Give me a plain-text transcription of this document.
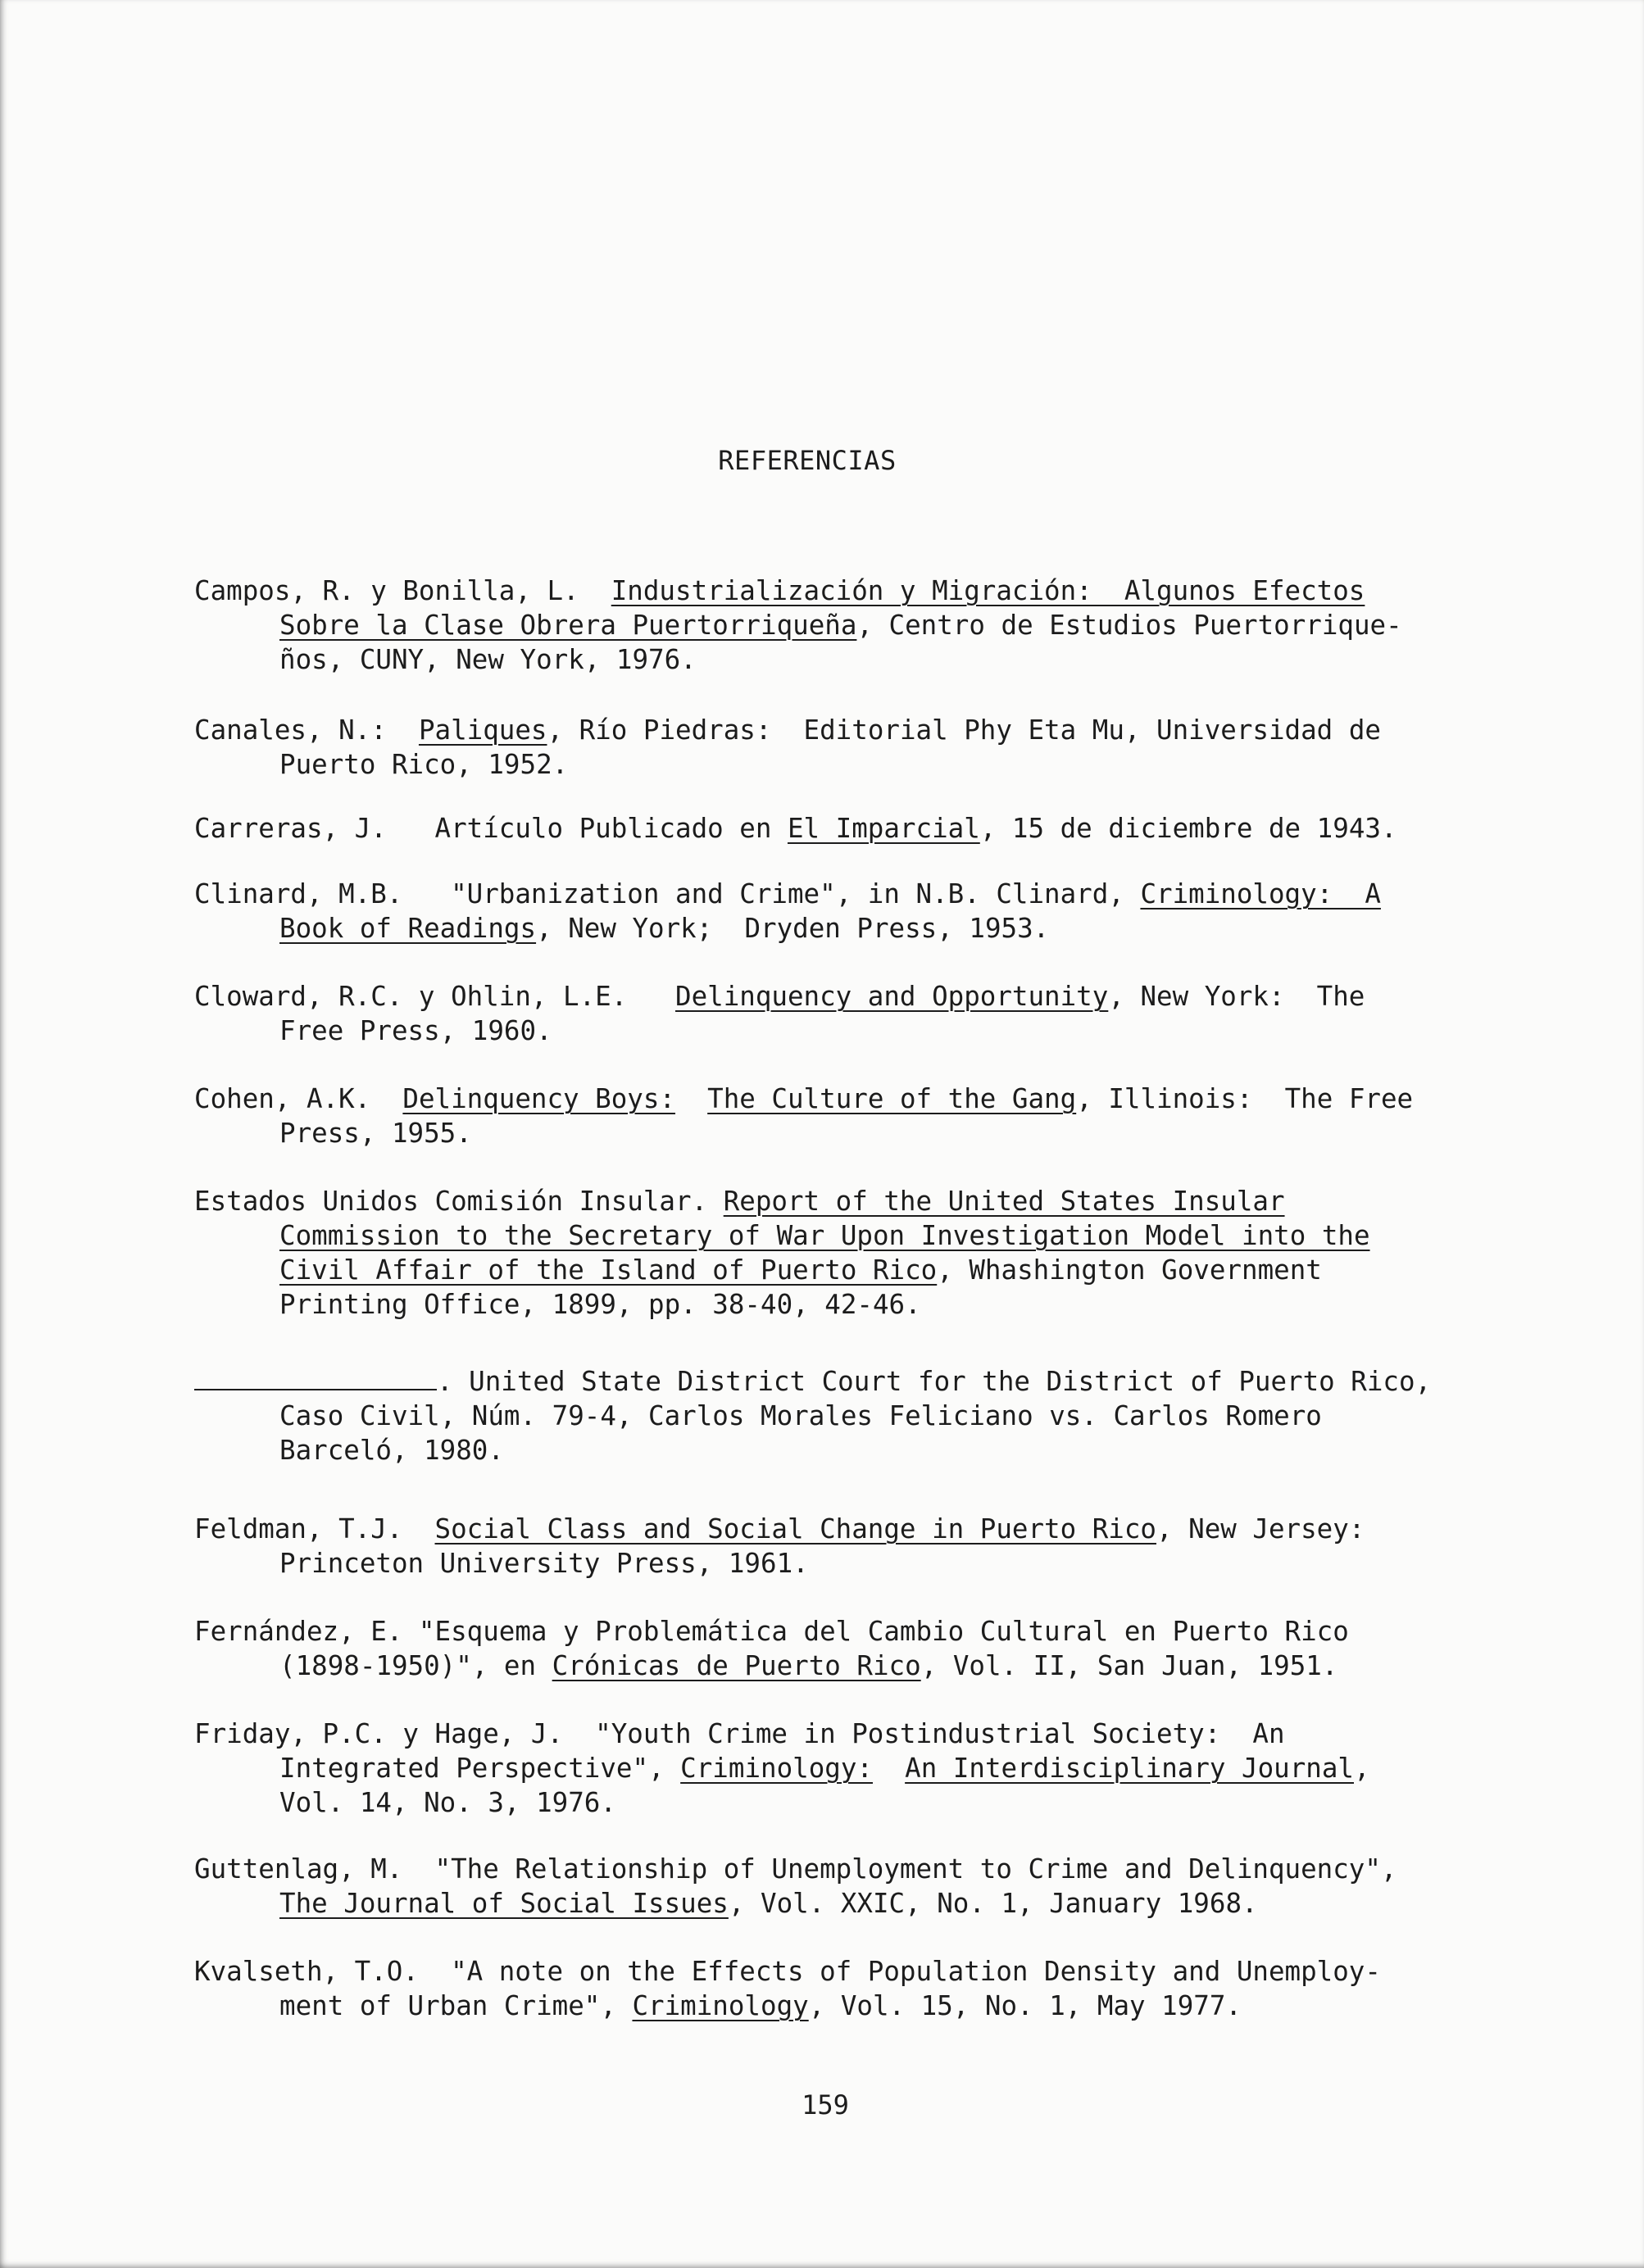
REFERENCIAS
Campos, R. y Bonilla, L.  Industrialización y Migración:  Algunos Efectos
Sobre la Clase Obrera Puertorriqueña, Centro de Estudios Puertorrique-
ños, CUNY, New York, 1976.
Canales, N.:  Paliques, Río Piedras:  Editorial Phy Eta Mu, Universidad de
Puerto Rico, 1952.
Carreras, J.   Artículo Publicado en El Imparcial, 15 de diciembre de 1943.
Clinard, M.B.   "Urbanization and Crime", in N.B. Clinard, Criminology:  A
Book of Readings, New York;  Dryden Press, 1953.
Cloward, R.C. y Ohlin, L.E.   Delinquency and Opportunity, New York:  The
Free Press, 1960.
Cohen, A.K.  Delinquency Boys: The Culture of the Gang, Illinois:  The Free
Press, 1955.
Estados Unidos Comisión Insular. Report of the United States Insular
Commission to the Secretary of War Upon Investigation Model into the
Civil Affair of the Island of Puerto Rico, Whashington Government
Printing Office, 1899, pp. 38-40, 42-46.
. United State District Court for the District of Puerto Rico,
Caso Civil, Núm. 79-4, Carlos Morales Feliciano vs. Carlos Romero
Barceló, 1980.
Feldman, T.J.  Social Class and Social Change in Puerto Rico, New Jersey:
Princeton University Press, 1961.
Fernández, E. "Esquema y Problemática del Cambio Cultural en Puerto Rico
(1898-1950)", en Crónicas de Puerto Rico, Vol. II, San Juan, 1951.
Friday, P.C. y Hage, J.  "Youth Crime in Postindustrial Society:  An
Integrated Perspective", Criminology: An Interdisciplinary Journal,
Vol. 14, No. 3, 1976.
Guttenlag, M.  "The Relationship of Unemployment to Crime and Delinquency",
The Journal of Social Issues, Vol. XXIC, No. 1, January 1968.
Kvalseth, T.O.  "A note on the Effects of Population Density and Unemploy-
ment of Urban Crime", Criminology, Vol. 15, No. 1, May 1977.
159
